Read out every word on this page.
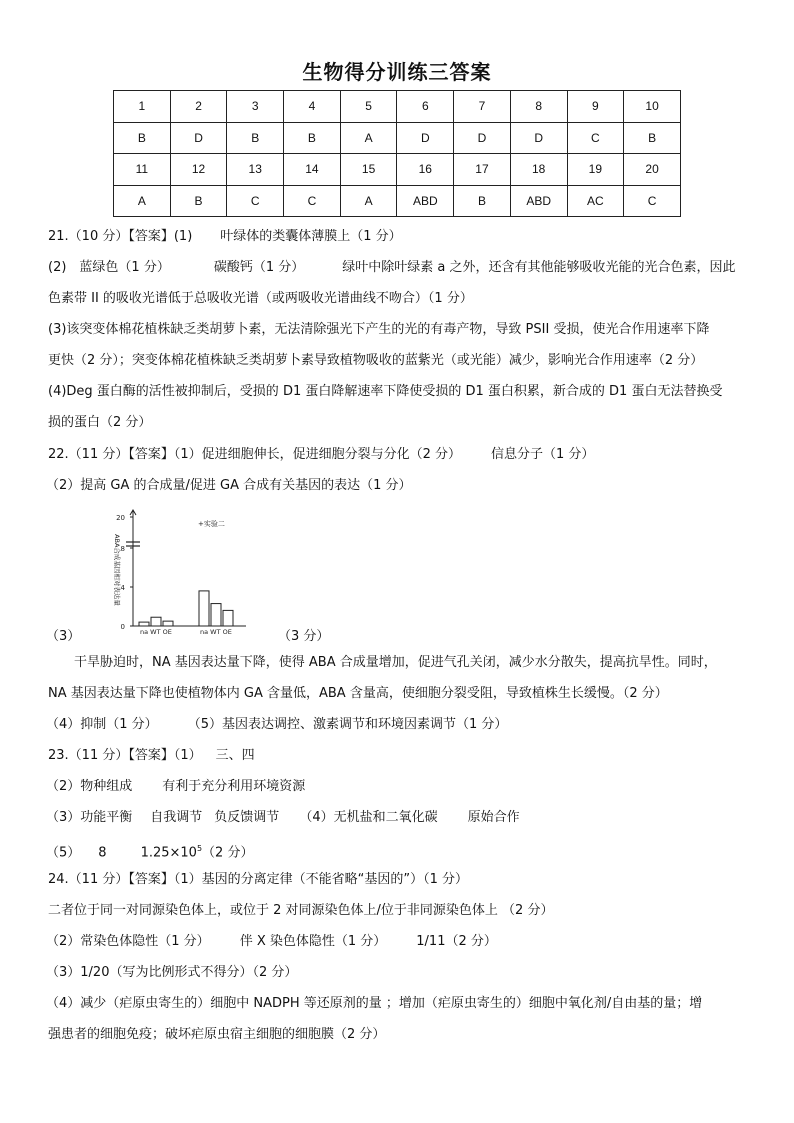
生物得分训练三答案
1	2	3	4	5	6	7	8	9	10
B	D	B	B	A	D	D	D	C	B
11	12	13	14	15	16	17	18	19	20
A	B	C	C	A	ABD	B	ABD	AC	C
21.（10 分）【答案】(1) 叶绿体的类囊体薄膜上（1 分）
(2)　蓝绿色（1 分）	碳酸钙（1 分）	绿叶中除叶绿素 a 之外，还含有其他能够吸收光能的光合色素，因此
色素带 II 的吸收光谱低于总吸收光谱（或两吸收光谱曲线不吻合）（1 分）
(3)该突变体棉花植株缺乏类胡萝卜素，无法清除强光下产生的光的有毒产物，导致 PSII 受损，使光合作用速率下降
更快（2 分）；突变体棉花植株缺乏类胡萝卜素导致植物吸收的蓝紫光（或光能）减少，影响光合作用速率（2 分）
(4)Deg 蛋白酶的活性被抑制后，受损的 D1 蛋白降解速率下降使受损的 D1 蛋白积累，新合成的 D1 蛋白无法替换受
损的蛋白（2 分）
22.（11 分）【答案】（1）促进细胞伸长，促进细胞分裂与分化（2 分） 信息分子（1 分）
（2）提高 GA 的合成量/促进 GA 合成有关基因的表达（1 分）
0
4
8
20
ABA合成基因相对表达量
+实验二
na WT OE	na WT OE
（3）	（3 分）
干旱胁迫时，NA 基因表达量下降，使得 ABA 合成量增加，促进气孔关闭，减少水分散失，提高抗旱性。同时，
NA 基因表达量下降也使植物体内 GA 含量低，ABA 含量高，使细胞分裂受阻，导致植株生长缓慢。（2 分）
（4）抑制（1 分） （5）基因表达调控、激素调节和环境因素调节（1 分）
23.（11 分）【答案】（1） 三、四
（2）物种组成 有利于充分利用环境资源
（3）功能平衡 自我调节 负反馈调节 （4）无机盐和二氧化碳 原始合作
（5） 8	$1.25\times 10^5(2$ 分）
24.（11 分）【答案】（1）基因的分离定律（不能省略“基因的”）（1 分）
二者位于同一对同源染色体上，或位于 2 对同源染色体上/位于非同源染色体上 （2 分）
（2）常染色体隐性（1 分） 伴 X 染色体隐性（1 分） 1/11（2 分）
（3）1/20（写为比例形式不得分）（2 分）
（4）减少（疟原虫寄生的）细胞中 NADPH 等还原剂的量 ；增加（疟原虫寄生的）细胞中氧化剂/自由基的量；增
强患者的细胞免疫；破坏疟原虫宿主细胞的细胞膜（2 分）
